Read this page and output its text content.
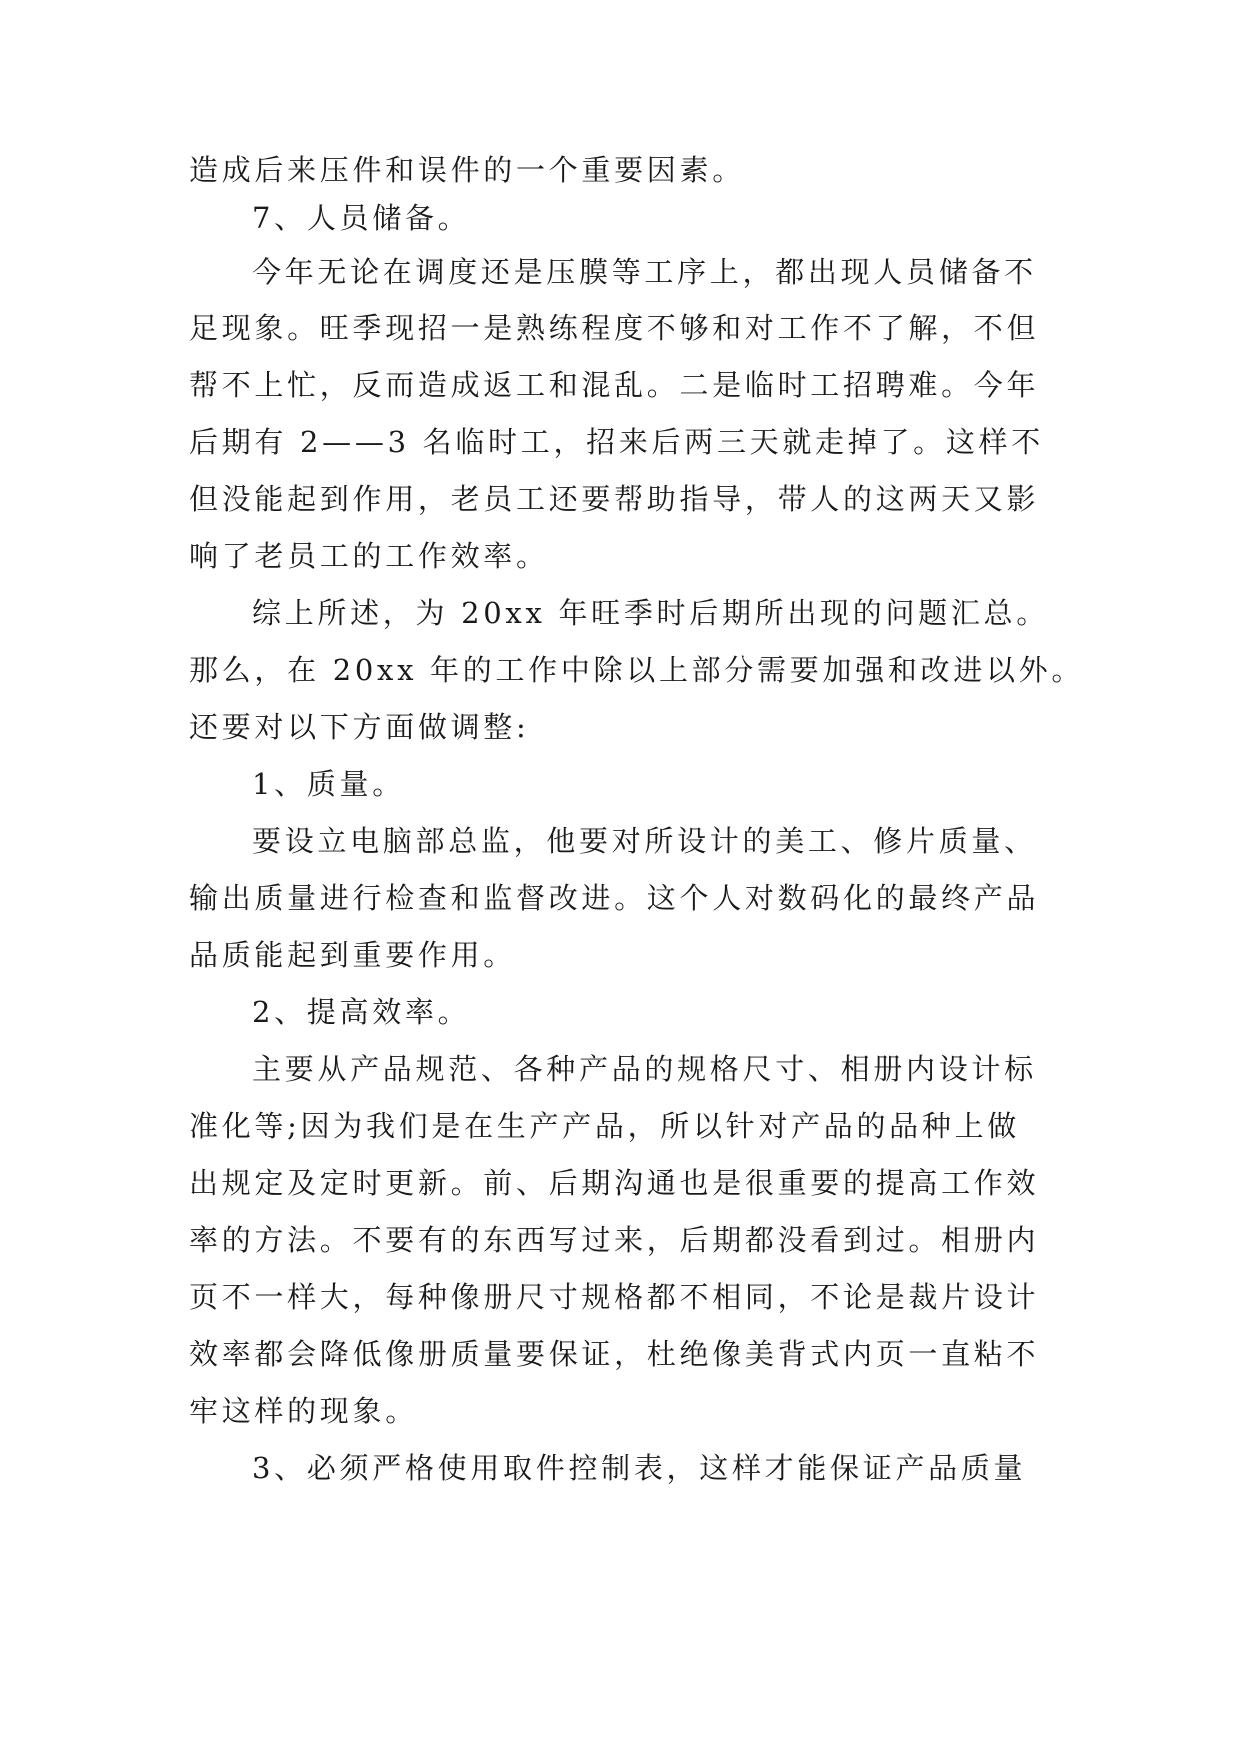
造成后来压件和误件的一个重要因素。
7、人员储备。
今年无论在调度还是压膜等工序上，都出现人员储备不
足现象。旺季现招一是熟练程度不够和对工作不了解，不但
帮不上忙，反而造成返工和混乱。二是临时工招聘难。今年
后期有 2——3 名临时工，招来后两三天就走掉了。这样不
但没能起到作用，老员工还要帮助指导，带人的这两天又影
响了老员工的工作效率。
综上所述，为 20xx 年旺季时后期所出现的问题汇总。
那么，在 20xx 年的工作中除以上部分需要加强和改进以外。
还要对以下方面做调整:
1、质量。
要设立电脑部总监，他要对所设计的美工、修片质量、
输出质量进行检查和监督改进。这个人对数码化的最终产品
品质能起到重要作用。
2、提高效率。
主要从产品规范、各种产品的规格尺寸、相册内设计标
准化等;因为我们是在生产产品，所以针对产品的品种上做
出规定及定时更新。前、后期沟通也是很重要的提高工作效
率的方法。不要有的东西写过来，后期都没看到过。相册内
页不一样大，每种像册尺寸规格都不相同，不论是裁片设计
效率都会降低像册质量要保证，杜绝像美背式内页一直粘不
牢这样的现象。
3、必须严格使用取件控制表，这样才能保证产品质量
